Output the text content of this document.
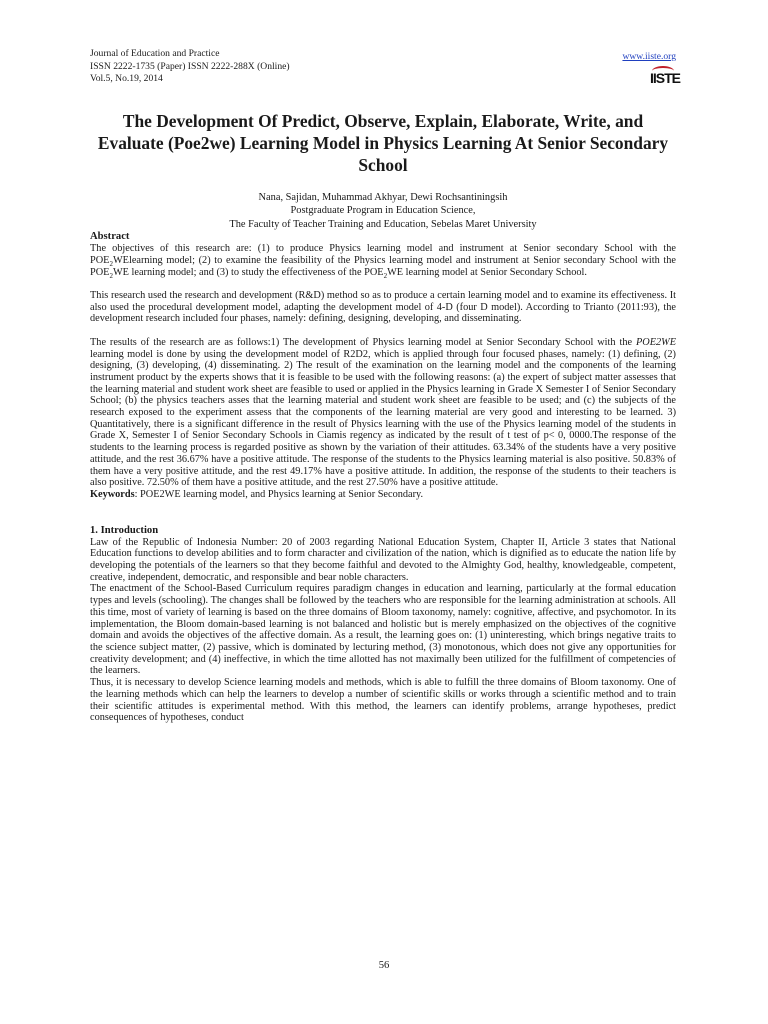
Journal of Education and Practice
ISSN 2222-1735 (Paper) ISSN 2222-288X (Online)
Vol.5, No.19, 2014
www.iiste.org
IISTE
The Development Of Predict, Observe, Explain, Elaborate, Write, and Evaluate (Poe2we) Learning Model in Physics Learning At Senior Secondary School
Nana, Sajidan, Muhammad Akhyar, Dewi Rochsantiningsih
Postgraduate Program in Education Science,
The Faculty of Teacher Training and Education, Sebelas Maret University
Abstract

The objectives of this research are: (1) to produce Physics learning model and instrument at Senior secondary School with the $POE_2WElearning$ model; (2) to examine the feasibility of the Physics learning model and instrument at Senior secondary School with the $POE_2WE$ learning model; and (3) to study the effectiveness of the $POE_2WE$ learning model at Senior Secondary School.

This research used the research and development (R&D) method so as to produce a certain learning model and to examine its effectiveness. It also used the procedural development model, adapting the development model of 4-D (four D model). According to Trianto (2011:93), the development research included four phases, namely: defining, designing, developing, and disseminating.

The results of the research are as follows:1) The development of Physics learning model at Senior Secondary School with the POE2WE learning model is done by using the development model of R2D2, which is applied through four focused phases, namely: (1) defining, (2) designing, (3) developing, (4) disseminating. 2) The result of the examination on the learning model and the components of the learning instrument product by the experts shows that it is feasible to be used with the following reasons: (a) the expert of subject matter assesses that the learning material and student work sheet are feasible to used or applied in the Physics learning in Grade X Semester I of Senior Secondary School; (b) the physics teachers asses that the learning material and student work sheet are feasible to be used; and (c) the subjects of the research exposed to the experiment assess that the components of the learning material are very good and interesting to be learned. 3) Quantitatively, there is a significant difference in the result of Physics learning with the use of the Physics learning model of the students in Grade X, Semester I of Senior Secondary Schools in Ciamis regency as indicated by the result of t test of p< 0, 0000.The response of the students to the learning process is regarded positive as shown by the variation of their attitudes. 63.34% of the students have a very positive attitude, and the rest 36.67% have a positive attitude. The response of the students to the Physics learning material is also positive. 50.83% of them have a very positive attitude, and the rest 49.17% have a positive attitude. In addition, the response of the students to their teachers is also positive. 72.50% of them have a positive attitude, and the rest 27.50% have a positive attitude.

Keywords: POE2WE learning model, and Physics learning at Senior Secondary.

1. Introduction

Law of the Republic of Indonesia Number: 20 of 2003 regarding National Education System, Chapter II, Article 3 states that National Education functions to develop abilities and to form character and civilization of the nation, which is dignified as to educate the nation life by developing the potentials of the learners so that they become faithful and devoted to the Almighty God, healthy, knowledgeable, competent, creative, independent, democratic, and responsible and bear noble characters.

The enactment of the School-Based Curriculum requires paradigm changes in education and learning, particularly at the formal education types and levels (schooling). The changes shall be followed by the teachers who are responsible for the learning administration at schools. All this time, most of variety of learning is based on the three domains of Bloom taxonomy, namely: cognitive, affective, and psychomotor. In its implementation, the Bloom domain-based learning is not balanced and holistic but is merely emphasized on the objectives of the cognitive domain and avoids the objectives of the affective domain. As a result, the learning goes on: (1) uninteresting, which brings negative traits to the science subject matter, (2) passive, which is dominated by lecturing method, (3) monotonous, which does not give any opportunities for creativity development; and (4) ineffective, in which the time allotted has not maximally been utilized for the fulfillment of competencies of the learners.

Thus, it is necessary to develop Science learning models and methods, which is able to fulfill the three domains of Bloom taxonomy. One of the learning methods which can help the learners to develop a number of scientific skills or works through a scientific method and to train their scientific attitudes is experimental method. With this method, the learners can identify problems, arrange hypotheses, predict consequences of hypotheses, conduct

56
